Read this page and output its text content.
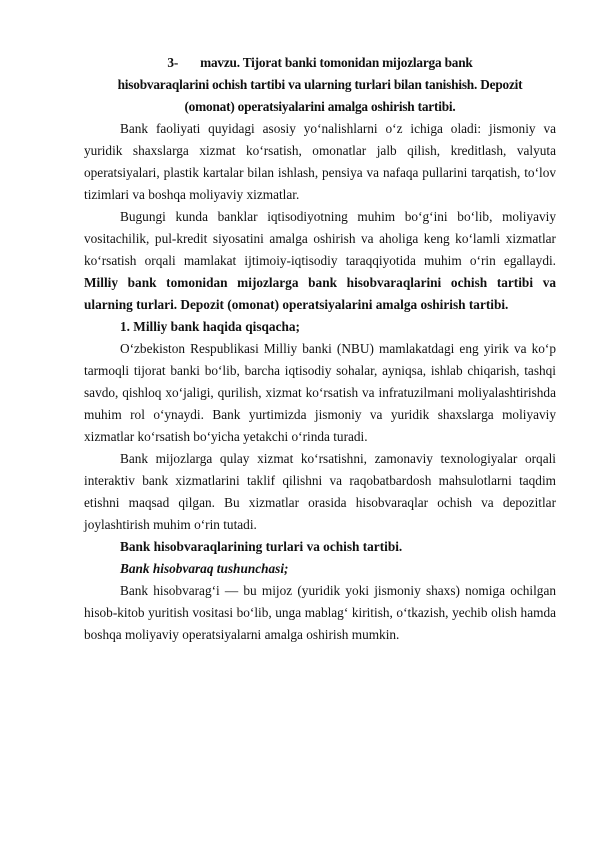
3- mavzu. Tijorat banki tomonidan mijozlarga bank
hisobvaraqlarini ochish tartibi va ularning turlari bilan tanishish. Depozit
(omonat) operatsiyalarini amalga oshirish tartibi.

Bank faoliyati quyidagi asosiy yo‘nalishlarni o‘z ichiga oladi: jismoniy va yuridik shaxslarga xizmat ko‘rsatish, omonatlar jalb qilish, kreditlash, valyuta operatsiyalari, plastik kartalar bilan ishlash, pensiya va nafaqa pullarini tarqatish, to‘lov tizimlari va boshqa moliyaviy xizmatlar.

Bugungi kunda banklar iqtisodiyotning muhim bo‘g‘ini bo‘lib, moliyaviy vositachilik, pul-kredit siyosatini amalga oshirish va aholiga keng ko‘lamli xizmatlar ko‘rsatish orqali mamlakat ijtimoiy-iqtisodiy taraqqiyotida muhim o‘rin egallaydi. Milliy bank tomonidan mijozlarga bank hisobvaraqlarini ochish tartibi va ularning turlari. Depozit (omonat) operatsiyalarini amalga oshirish tartibi.

1. Milliy bank haqida qisqacha;

O‘zbekiston Respublikasi Milliy banki (NBU) mamlakatdagi eng yirik va ko‘p tarmoqli tijorat banki bo‘lib, barcha iqtisodiy sohalar, ayniqsa, ishlab chiqarish, tashqi savdo, qishloq xo‘jaligi, qurilish, xizmat ko‘rsatish va infratuzilmani moliyalashtirishda muhim rol o‘ynaydi. Bank yurtimizda jismoniy va yuridik shaxslarga moliyaviy xizmatlar ko‘rsatish bo‘yicha yetakchi o‘rinda turadi.

Bank mijozlarga qulay xizmat ko‘rsatishni, zamonaviy texnologiyalar orqali interaktiv bank xizmatlarini taklif qilishni va raqobatbardosh mahsulotlarni taqdim etishni maqsad qilgan. Bu xizmatlar orasida hisobvaraqlar ochish va depozitlar joylashtirish muhim o‘rin tutadi.

Bank hisobvaraqlarining turlari va ochish tartibi.
Bank hisobvaraq tushunchasi;

Bank hisobvarag‘i — bu mijoz (yuridik yoki jismoniy shaxs) nomiga ochilgan hisob-kitob yuritish vositasi bo‘lib, unga mablag‘ kiritish, o‘tkazish, yechib olish hamda boshqa moliyaviy operatsiyalarni amalga oshirish mumkin.
